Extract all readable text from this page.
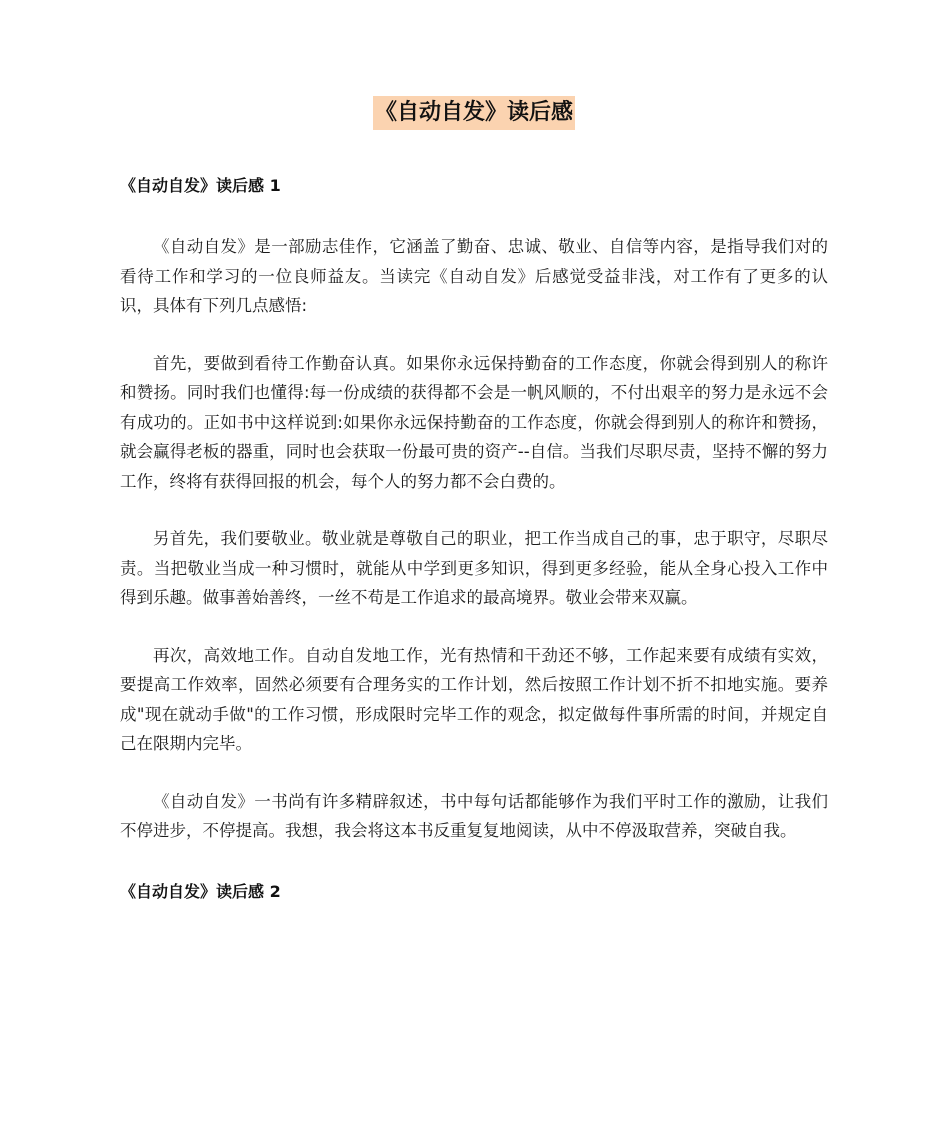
《自动自发》读后感
《自动自发》读后感 1

《自动自发》是一部励志佳作，它涵盖了勤奋、忠诚、敬业、自信等内容，是指导我们对的看待工作和学习的一位良师益友。当读完《自动自发》后感觉受益非浅，对工作有了更多的认识，具体有下列几点感悟:

首先，要做到看待工作勤奋认真。如果你永远保持勤奋的工作态度，你就会得到别人的称许和赞扬。同时我们也懂得:每一份成绩的获得都不会是一帆风顺的，不付出艰辛的努力是永远不会有成功的。正如书中这样说到:如果你永远保持勤奋的工作态度，你就会得到别人的称许和赞扬，就会赢得老板的器重，同时也会获取一份最可贵的资产--自信。当我们尽职尽责，坚持不懈的努力工作，终将有获得回报的机会，每个人的努力都不会白费的。

另首先，我们要敬业。敬业就是尊敬自己的职业，把工作当成自己的事，忠于职守，尽职尽责。当把敬业当成一种习惯时，就能从中学到更多知识，得到更多经验，能从全身心投入工作中得到乐趣。做事善始善终，一丝不苟是工作追求的最高境界。敬业会带来双赢。

再次，高效地工作。自动自发地工作，光有热情和干劲还不够，工作起来要有成绩有实效，要提高工作效率，固然必须要有合理务实的工作计划，然后按照工作计划不折不扣地实施。要养成"现在就动手做"的工作习惯，形成限时完毕工作的观念，拟定做每件事所需的时间，并规定自己在限期内完毕。

《自动自发》一书尚有许多精辟叙述，书中每句话都能够作为我们平时工作的激励，让我们不停进步，不停提高。我想，我会将这本书反重复复地阅读，从中不停汲取营养，突破自我。

《自动自发》读后感 2
